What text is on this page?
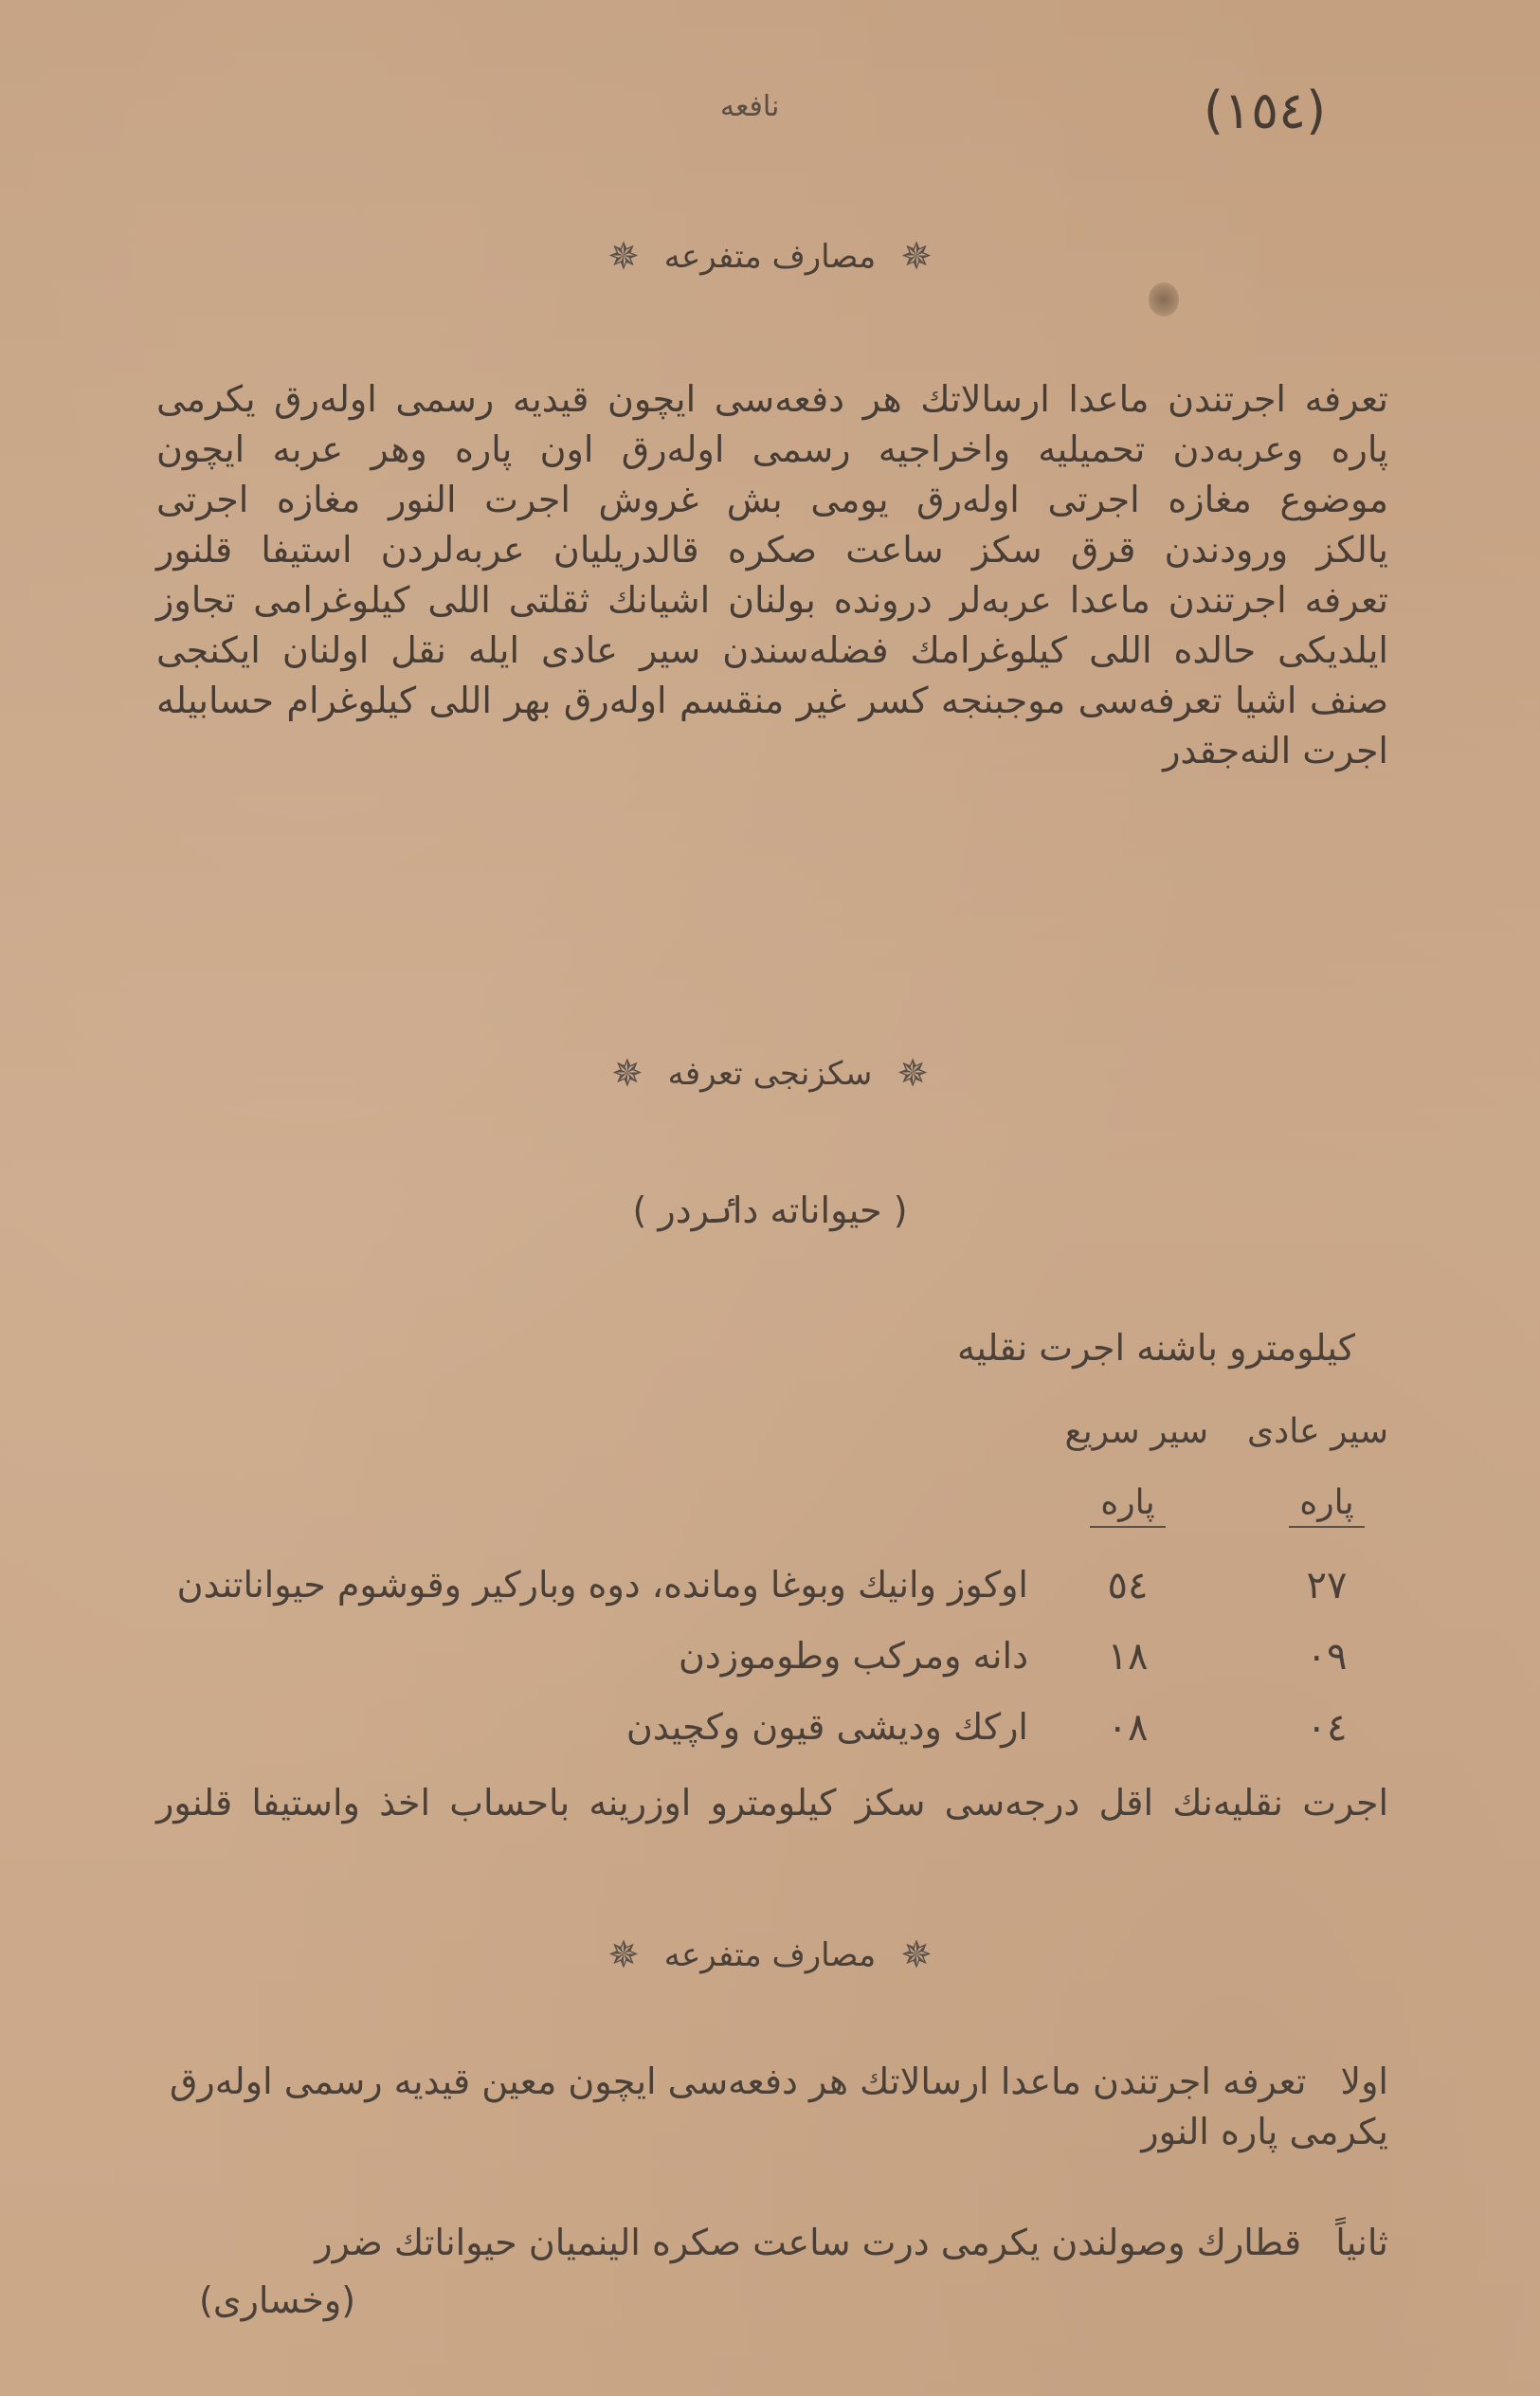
(١٥٤)
نافعه
✵
مصارف متفرعه
✵
تعرفه اجرتندن ماعدا ارسالاتك هر دفعه‌سی ایچون قیدیه رسمی اوله‌رق یکرمی
پاره وعربه‌دن تحمیلیه واخراجیه رسمی اوله‌رق اون پاره وهر عربه ایچون
موضوع مغازه اجرتی اوله‌رق یومی بش غروش اجرت النور مغازه اجرتی
یالکز ورودندن قرق سکز ساعت صکره قالدریلیان عربه‌لردن استیفا قلنور
تعرفه اجرتندن ماعدا عربه‌لر درونده بولنان اشیانك ثقلتی اللی کیلوغرامی تجاوز
ایلدیکی حالده اللی کیلوغرامك فضله‌سندن سیر عادی ایله نقل اولنان ایکنجی
صنف اشیا تعرفه‌سی موجبنجه کسر غیر منقسم اوله‌رق بهر اللی کیلوغرام حسابیله
اجرت النه‌جقدر
✵
سکزنجی تعرفه
✵
( حیواناته داٸردر )
کیلومترو باشنه اجرت نقلیه
سیر عادی
سیر سریع
پاره
پاره
٢٧
٥٤
اوکوز وانیك وبوغا ومانده، دوه وبارکیر وقوشوم حیواناتندن
٠٩
١٨
دانه ومرکب وطوموزدن
٠٤
٠٨
ارکك ودیشی قیون وکچیدن
اجرت نقلیه‌نك اقل درجه‌سی سکز کیلومترو اوزرینه باحساب اخذ واستیفا قلنور
✵
مصارف متفرعه
✵
اولاتعرفه اجرتندن ماعدا ارسالاتك هر دفعه‌سی ایچون معین قیدیه رسمی اوله‌رق
یکرمی پاره النور
ثانیاًقطارك وصولندن یکرمی درت ساعت صکره الینمیان حیواناتك ضرر
(وخساری)
